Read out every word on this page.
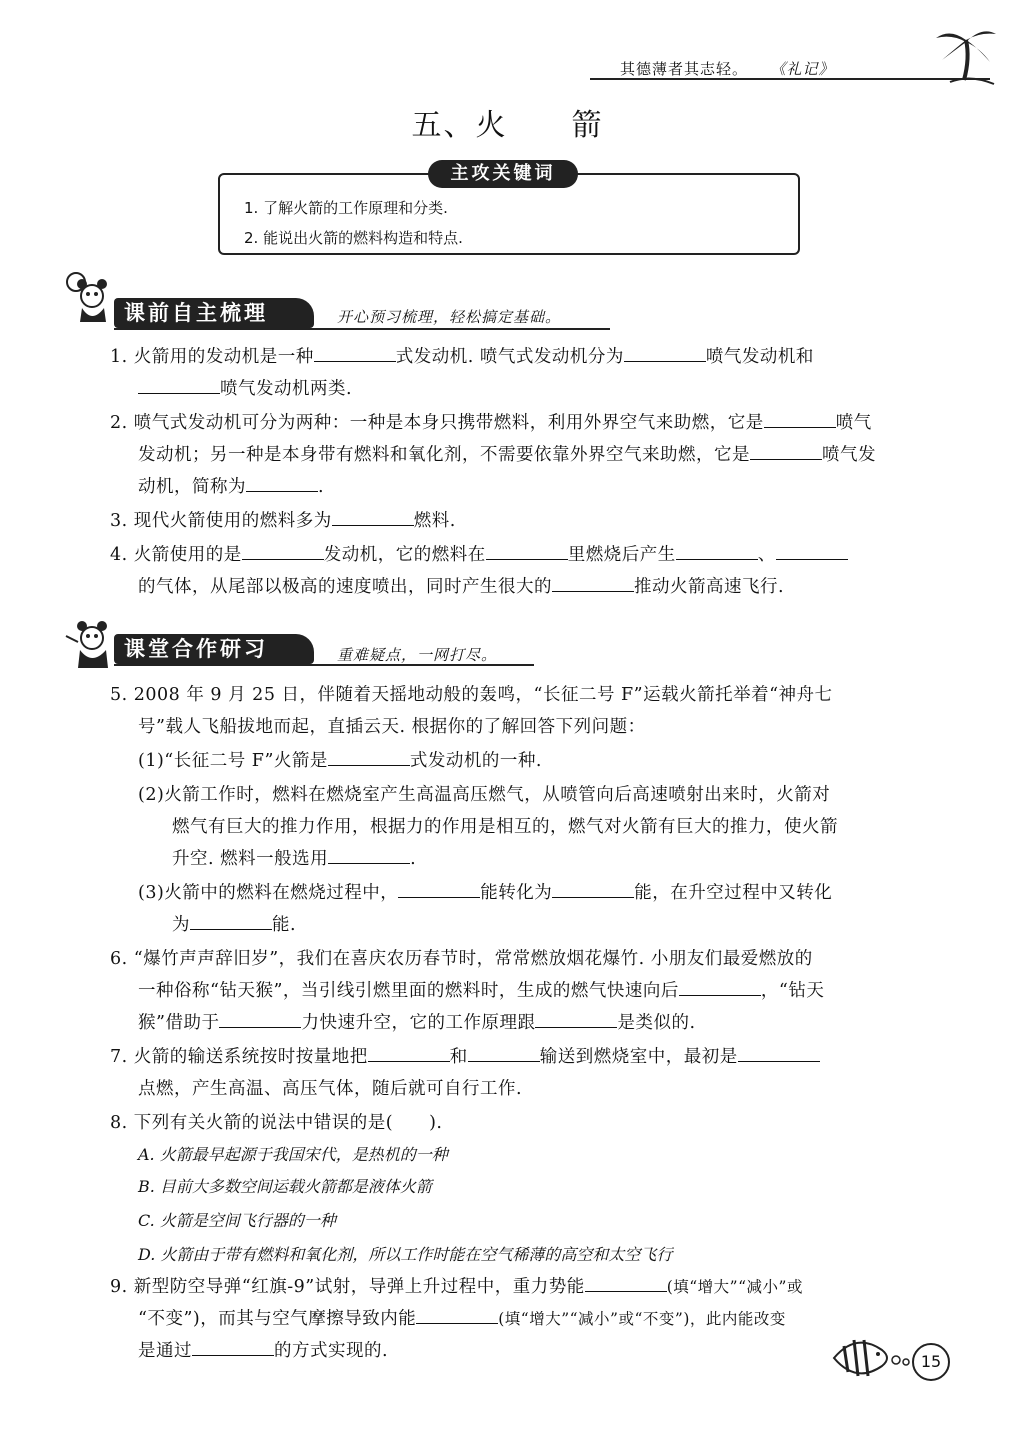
其德薄者其志轻。 《礼记》
五、火　　箭
主攻关键词
1. 了解火箭的工作原理和分类.
2. 能说出火箭的燃料构造和特点.
课前自主梳理	开心预习梳理，轻松搞定基础。
1. 火箭用的发动机是一种	式发动机. 喷气式发动机分为	喷气发动机和
喷气发动机两类.
2. 喷气式发动机可分为两种：一种是本身只携带燃料，利用外界空气来助燃，它是	喷气
发动机；另一种是本身带有燃料和氧化剂，不需要依靠外界空气来助燃，它是	喷气发
动机，简称为	.
3. 现代火箭使用的燃料多为	燃料.
4. 火箭使用的是	发动机，它的燃料在	里燃烧后产生	、
的气体，从尾部以极高的速度喷出，同时产生很大的	推动火箭高速飞行.
课堂合作研习	重难疑点，一网打尽。
5. 2008 年 9 月 25 日，伴随着天摇地动般的轰鸣，“长征二号 F”运载火箭托举着“神舟七
号”载人飞船拔地而起，直插云天. 根据你的了解回答下列问题：
(1)“长征二号 F”火箭是	式发动机的一种.
(2)火箭工作时，燃料在燃烧室产生高温高压燃气，从喷管向后高速喷射出来时，火箭对
燃气有巨大的推力作用，根据力的作用是相互的，燃气对火箭有巨大的推力，使火箭
升空. 燃料一般选用	.
(3)火箭中的燃料在燃烧过程中，	能转化为	能，在升空过程中又转化
为	能.
6. “爆竹声声辞旧岁”，我们在喜庆农历春节时，常常燃放烟花爆竹. 小朋友们最爱燃放的
一种俗称“钻天猴”，当引线引燃里面的燃料时，生成的燃气快速向后	，“钻天
猴”借助于	力快速升空，它的工作原理跟	是类似的.
7. 火箭的输送系统按时按量地把	和	输送到燃烧室中，最初是
点燃，产生高温、高压气体，随后就可自行工作.
8. 下列有关火箭的说法中错误的是(　　).
A. 火箭最早起源于我国宋代，是热机的一种
B. 目前大多数空间运载火箭都是液体火箭
C. 火箭是空间飞行器的一种
D. 火箭由于带有燃料和氧化剂，所以工作时能在空气稀薄的高空和太空飞行
9. 新型防空导弹“红旗-9”试射，导弹上升过程中，重力势能	(填“增大”“减小”或
“不变”)，而其与空气摩擦导致内能	(填“增大”“减小”或“不变”)，此内能改变
是通过	的方式实现的.
15
